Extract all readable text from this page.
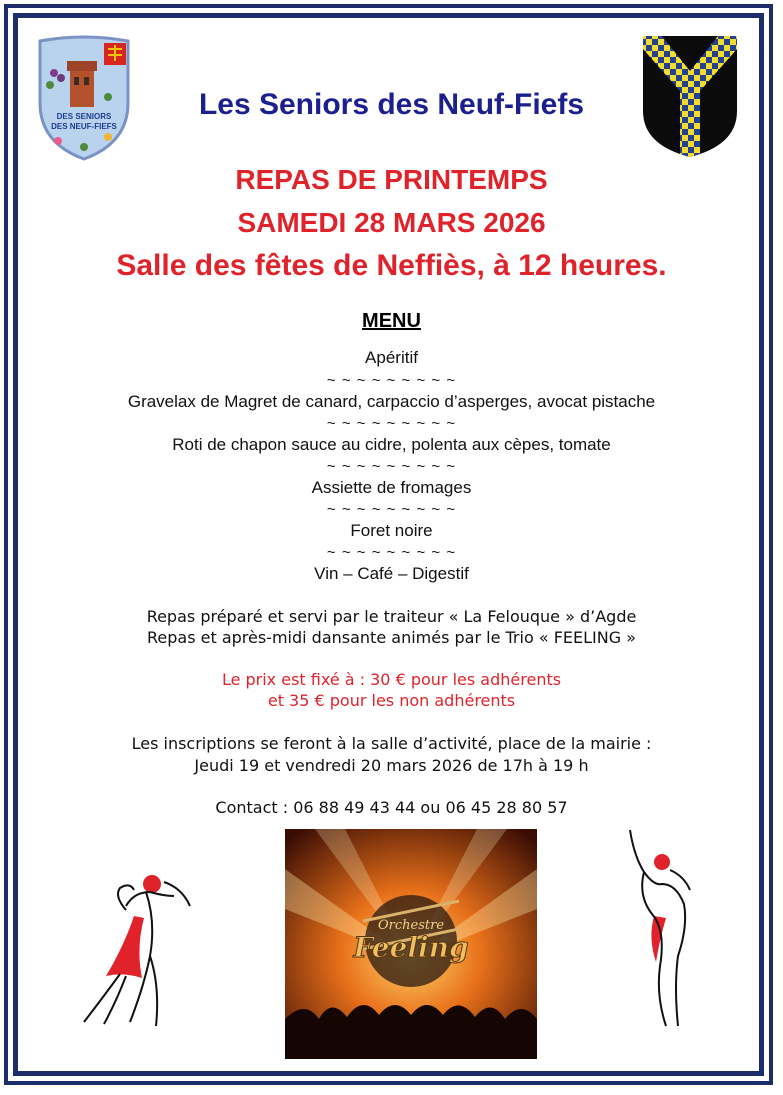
DES SENIORS
DES NEUF-FIEFS
Les Seniors des Neuf-Fiefs
REPAS DE PRINTEMPS
SAMEDI 28 MARS 2026
Salle des fêtes de Neffiès, à 12 heures.
MENU
Apéritif
~ ~ ~ ~ ~ ~ ~ ~ ~
Gravelax de Magret de canard, carpaccio d’asperges, avocat pistache
~ ~ ~ ~ ~ ~ ~ ~ ~
Roti de chapon sauce au cidre, polenta aux cèpes, tomate
~ ~ ~ ~ ~ ~ ~ ~ ~
Assiette de fromages
~ ~ ~ ~ ~ ~ ~ ~ ~
Foret noire
~ ~ ~ ~ ~ ~ ~ ~ ~
Vin – Café – Digestif
Repas préparé et servi par le traiteur « La Felouque » d’Agde
Repas et après-midi dansante animés par le Trio « FEELING »
Le prix est fixé à : 30 € pour les adhérents
et 35 € pour les non adhérents
Les inscriptions se feront à la salle d’activité, place de la mairie :
Jeudi 19 et vendredi 20 mars 2026 de 17h à 19 h
Contact : 06 88 49 43 44 ou 06 45 28 80 57
Orchestre
Feeling
